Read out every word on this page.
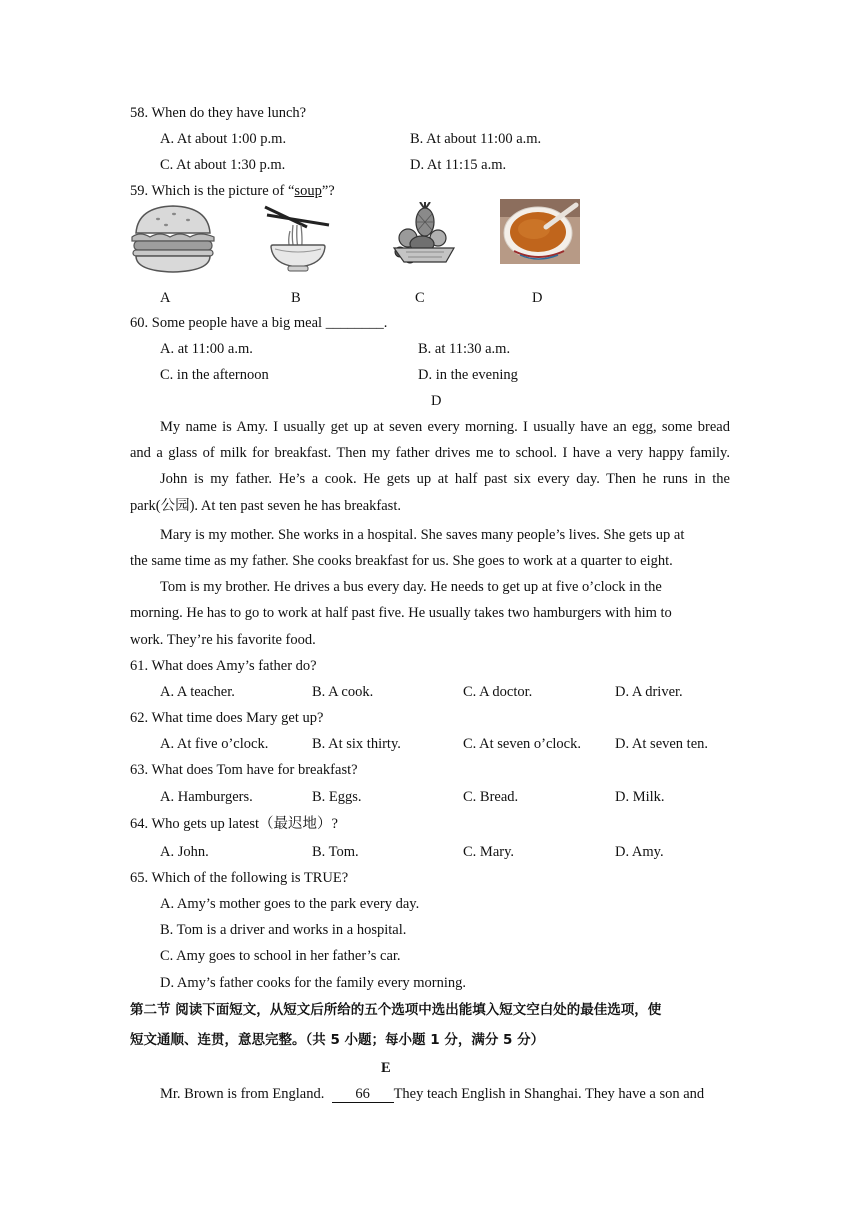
58. When do they have lunch?
A. At about 1:00 p.m.	B. At about 11:00 a.m.
C. At about 1:30 p.m.	D. At 11:15 a.m.
59. Which is the picture of “soup”?
A	B	C	D
60. Some people have a big meal ________.
A. at 11:00 a.m.	B. at 11:30 a.m.
C. in the afternoon	D. in the evening
D
My name is Amy. I usually get up at seven every morning. I usually have an egg, some bread
and a glass of milk for breakfast. Then my father drives me to school. I have a very happy family.
John is my father. He’s a cook. He gets up at half past six every day. Then he runs in the
park(公园). At ten past seven he has breakfast.
Mary is my mother. She works in a hospital. She saves many people’s lives. She gets up at
the same time as my father. She cooks breakfast for us. She goes to work at a quarter to eight.
Tom is my brother. He drives a bus every day. He needs to get up at five o’clock in the
morning. He has to go to work at half past five. He usually takes two hamburgers with him to
work. They’re his favorite food.
61. What does Amy’s father do?
A. A teacher.	B. A cook.	C. A doctor.	D. A driver.
62. What time does Mary get up?
A. At five o’clock.	B. At six thirty.	C. At seven o’clock. D. At seven ten.
63. What does Tom have for breakfast?
A. Hamburgers.	B. Eggs.	C. Bread.	D. Milk.
64. Who gets up latest（最迟地）?
A. John.	B. Tom.	C. Mary.	D. Amy.
65. Which of the following is TRUE?
A. Amy’s mother goes to the park every day.
B. Tom is a driver and works in a hospital.
C. Amy goes to school in her father’s car.
D. Amy’s father cooks for the family every morning.
第二节 阅读下面短文，从短文后所给的五个选项中选出能填入短文空白处的最佳选项，使
短文通顺、连贯，意思完整。（共 5 小题；每小题 1 分，满分 5 分）
E
Mr. Brown is from England. 66 They teach English in Shanghai. They have a son and
